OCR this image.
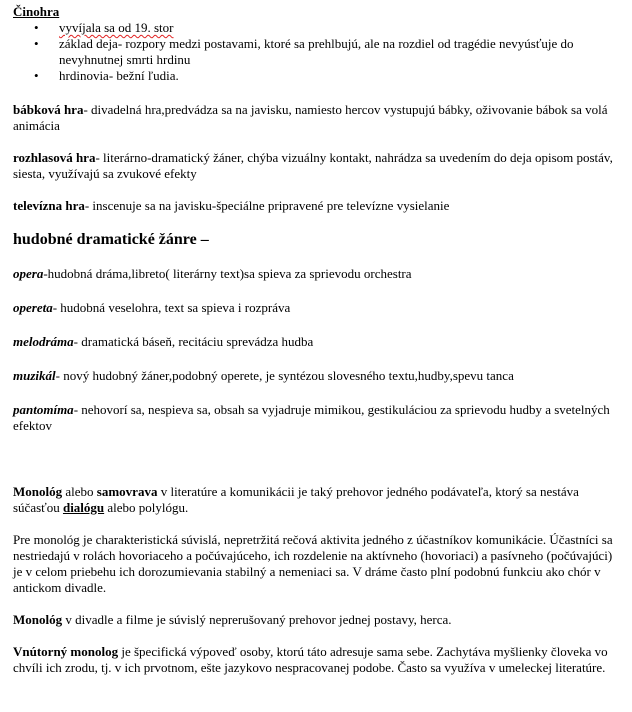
Činohra

• vyvíjala sa od 19. stor
• základ deja- rozpory medzi postavami, ktoré sa prehlbujú, ale na rozdiel od tragédie nevyúsťuje do nevyhnutnej smrti hrdinu
• hrdinovia- bežní ľudia.

bábková hra- divadelná hra,predvádza sa na javisku, namiesto hercov vystupujú bábky, oživovanie bábok sa volá animácia

rozhlasová hra- literárno-dramatický žáner, chýba vizuálny kontakt, nahrádza sa uvedením do deja opisom postáv, siesta, využívajú sa zvukové efekty

televízna hra- inscenuje sa na javisku-špeciálne pripravené pre televízne vysielanie

hudobné dramatické žánre –

opera-hudobná dráma,libreto( literárny text)sa spieva za sprievodu orchestra

opereta- hudobná veselohra, text sa spieva i rozpráva

melodráma- dramatická báseň, recitáciu sprevádza hudba

muzikál- nový hudobný žáner,podobný operete, je syntézou slovesného textu,hudby,spevu tanca

pantomíma- nehovorí sa, nespieva sa, obsah sa vyjadruje mimikou, gestikuláciou za sprievodu hudby a svetelných efektov

Monológ alebo samovrava v literatúre a komunikácii je taký prehovor jedného podávateľa, ktorý sa nestáva súčasťou dialógu alebo polylógu.

Pre monológ je charakteristická súvislá, nepretržitá rečová aktivita jedného z účastníkov komunikácie. Účastníci sa nestriedajú v rolách hovoriaceho a počúvajúceho, ich rozdelenie na aktívneho (hovoriaci) a pasívneho (počúvajúci) je v celom priebehu ich dorozumievania stabilný a nemeniaci sa. V dráme často plní podobnú funkciu ako chór v antickom divadle.

Monológ v divadle a filme je súvislý neprerušovaný prehovor jednej postavy, herca.

Vnútorný monolog je špecifická výpoveď osoby, ktorú táto adresuje sama sebe. Zachytáva myšlienky človeka vo chvíli ich zrodu, tj. v ich prvotnom, ešte jazykovo nespracovanej podobe. Často sa využíva v umeleckej literatúre.
